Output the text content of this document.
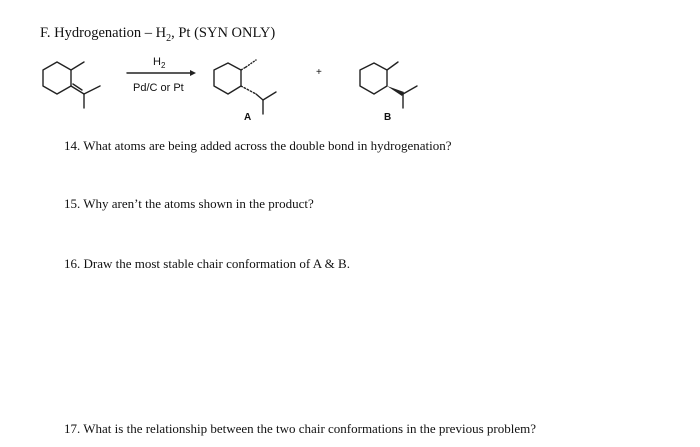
F. Hydrogenation – $H_2$, Pt (SYN ONLY)
$H_2$
Pd/C or Pt
+
A	B
14. What atoms are being added across the double bond in hydrogenation?
15. Why aren’t the atoms shown in the product?
16. Draw the most stable chair conformation of A & B.
17. What is the relationship between the two chair conformations in the previous problem?
